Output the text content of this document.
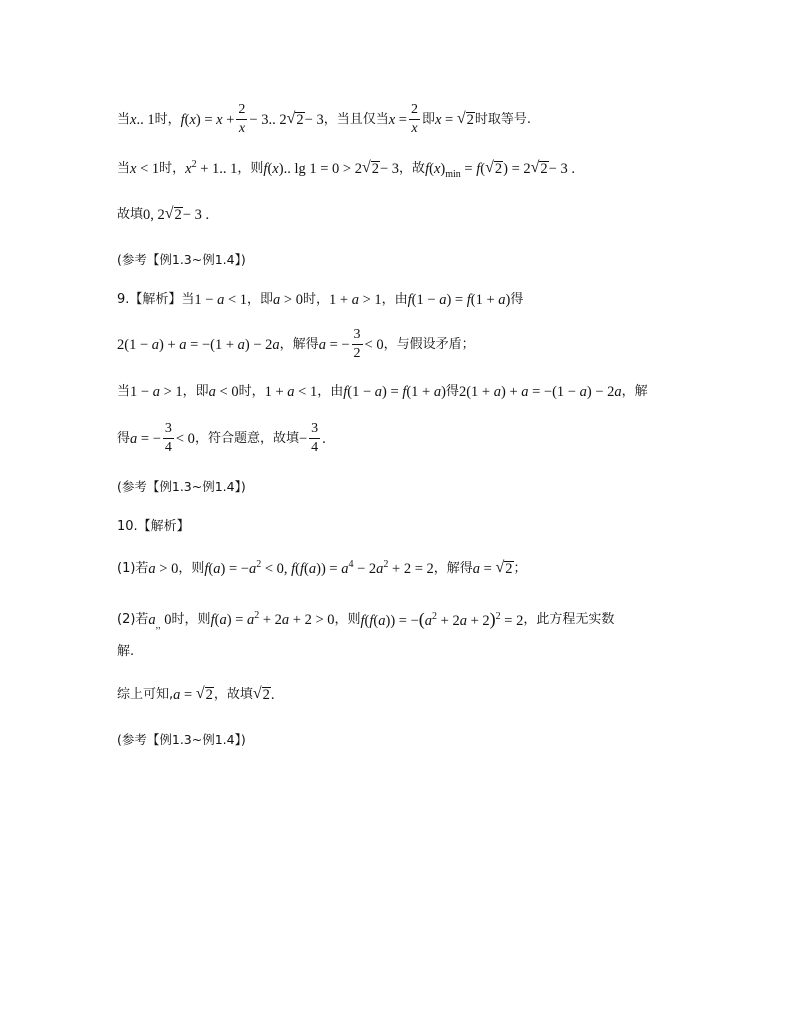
当 x.. 1 时， $f(x) = x + \frac{2}{x} - 3$.. 2 √ 2 − 3 ，当且仅当 $x = \frac{2}{x}$ 即 x = √ 2 时取等号.
当 x < 1 时， $x^2 + 1$.. 1 ，则 f(x).. lg 1 = 0 > 2 √ 2 − 3 ，故 $f(x)_{min} = f$( √ 2 ) = 2 √ 2 − 3 .
故填 0, 2 √ 2 − 3 .
(参考【例1.3~例1.4】)
9.【解析】当 1 − a < 1 ，即 a > 0 时， 1 + a > 1 ，由 f(1 − a) = f(1 + a) 得
2(1 − a) + a = −(1 + a) − 2a ，解得 a = − $\frac{3}{2} < 0$ ，与假设矛盾；
当 1 − a > 1 ，即 a < 0 时， 1 + a < 1 ，由 f(1 − a) = f(1 + a) 得 2(1 + a) + a = −(1 − a) − 2a ，解
得 a = − $\frac{3}{4} < 0$ ，符合题意，故填 − $\frac{3}{4}$ .
(参考【例1.3~例1.4】)
10.【解析】
(1)若 a > 0 ，则 $f(a) = -a^2 < 0$, $f(f(a)) = a^4 - 2a^2 + 2 = 2$ ，解得 a = √ 2 ；
(2)若 $a_{,,}$ 0 时，则 $f(a) = a^2 + 2a + 2 > 0$ ，则 $f(f(a)) = -(a^2 + 2a + 2)^2 = 2$ ，此方程无实数
解.
综上可知, a = √ 2 ，故填 √ 2 .
(参考【例1.3~例1.4】)
